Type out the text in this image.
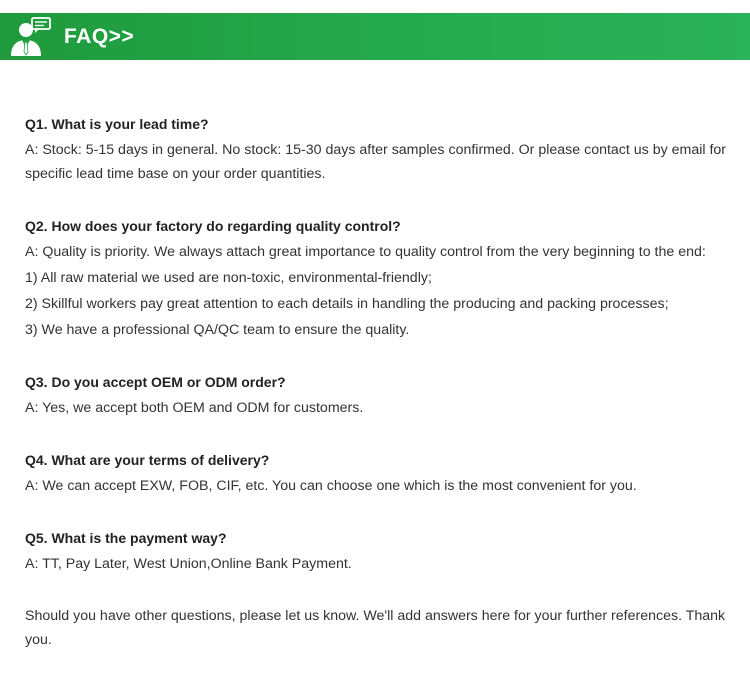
FAQ>>

Q1. What is your lead time?

A: Stock: 5-15 days in general. No stock: 15-30 days after samples confirmed. Or please contact us by email for specific lead time base on your order quantities.

Q2. How does your factory do regarding quality control?

A: Quality is priority. We always attach great importance to quality control from the very beginning to the end:

1) All raw material we used are non-toxic, environmental-friendly;

2) Skillful workers pay great attention to each details in handling the producing and packing processes;

3) We have a professional QA/QC team to ensure the quality.

Q3. Do you accept OEM or ODM order?

A: Yes, we accept both OEM and ODM for customers.

Q4. What are your terms of delivery?

A: We can accept EXW, FOB, CIF, etc. You can choose one which is the most convenient for you.

Q5. What is the payment way?

A: TT, Pay Later, West Union,Online Bank Payment.

Should you have other questions, please let us know. We'll add answers here for your further references. Thank you.
